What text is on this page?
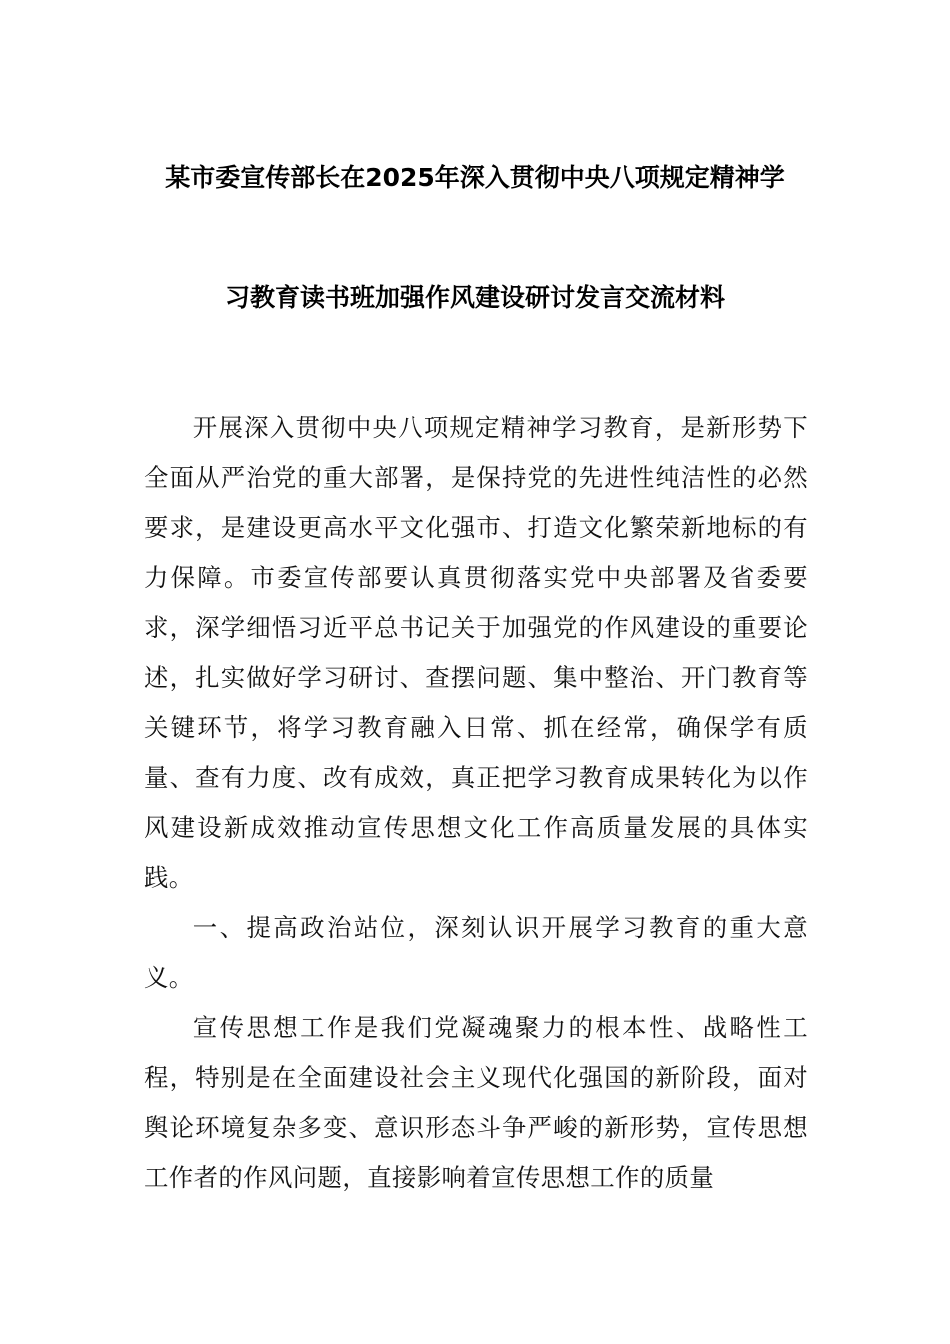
某市委宣传部长在2025年深入贯彻中央八项规定精神学
习教育读书班加强作风建设研讨发言交流材料

开展深入贯彻中央八项规定精神学习教育，是新形势下全面从严治党的重大部署，是保持党的先进性纯洁性的必然要求，是建设更高水平文化强市、打造文化繁荣新地标的有力保障。市委宣传部要认真贯彻落实党中央部署及省委要求，深学细悟习近平总书记关于加强党的作风建设的重要论述，扎实做好学习研讨、查摆问题、集中整治、开门教育等关键环节，将学习教育融入日常、抓在经常，确保学有质量、查有力度、改有成效，真正把学习教育成果转化为以作风建设新成效推动宣传思想文化工作高质量发展的具体实践。

一、提高政治站位，深刻认识开展学习教育的重大意义。

宣传思想工作是我们党凝魂聚力的根本性、战略性工程，特别是在全面建设社会主义现代化强国的新阶段，面对舆论环境复杂多变、意识形态斗争严峻的新形势，宣传思想工作者的作风问题，直接影响着宣传思想工作的质量
